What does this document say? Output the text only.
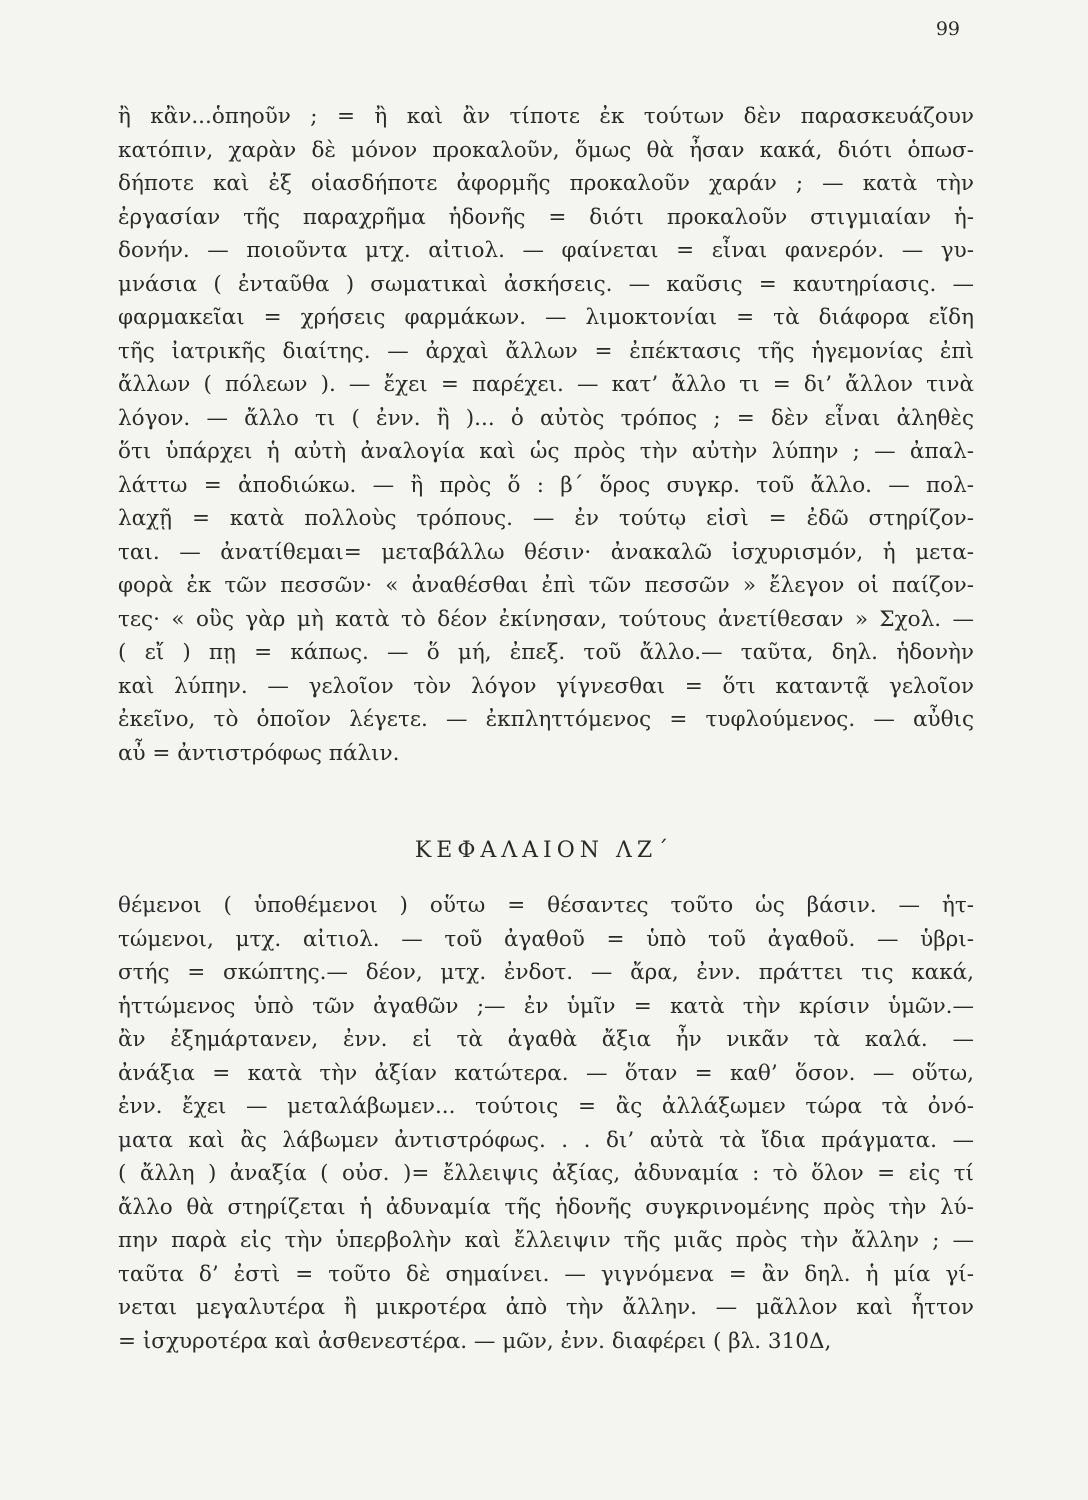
99
ἢ κἂν...ὁπηοῦν ; = ἢ καὶ ἂν τίποτε ἐκ τούτων δὲν παρασκευάζουν
κατόπιν, χαρὰν δὲ μόνον προκαλοῦν, ὅμως θὰ ἦσαν κακά, διότι ὁπωσ-
δήποτε καὶ ἐξ οἱασδήποτε ἀφορμῆς προκαλοῦν χαράν ; — κατὰ τὴν
ἐργασίαν τῆς παραχρῆμα ἡδονῆς = διότι προκαλοῦν στιγμιαίαν ἡ-
δονήν. — ποιοῦντα μτχ. αἰτιολ. — φαίνεται = εἶναι φανερόν. — γυ-
μνάσια ( ἐνταῦθα ) σωματικαὶ ἀσκήσεις. — καῦσις = καυτηρίασις. —
φαρμακεῖαι = χρήσεις φαρμάκων. — λιμοκτονίαι = τὰ διάφορα εἴδη
τῆς ἰατρικῆς διαίτης. — ἀρχαὶ ἄλλων = ἐπέκτασις τῆς ἡγεμονίας ἐπὶ
ἄλλων ( πόλεων ). — ἔχει = παρέχει. — κατ’ ἄλλο τι = δι’ ἄλλον τινὰ
λόγον. — ἄλλο τι ( ἐνν. ἢ )... ὁ αὐτὸς τρόπος ; = δὲν εἶναι ἀληθὲς
ὅτι ὑπάρχει ἡ αὐτὴ ἀναλογία καὶ ὡς πρὸς τὴν αὐτὴν λύπην ; — ἀπαλ-
λάττω = ἀποδιώκω. — ἢ πρὸς ὅ : β΄ ὅρος συγκρ. τοῦ ἄλλο. — πολ-
λαχῇ = κατὰ πολλοὺς τρόπους. — ἐν τούτῳ εἰσὶ = ἐδῶ στηρίζον-
ται. — ἀνατίθεμαι= μεταβάλλω θέσιν· ἀνακαλῶ ἰσχυρισμόν, ἡ μετα-
φορὰ ἐκ τῶν πεσσῶν· « ἀναθέσθαι ἐπὶ τῶν πεσσῶν » ἔλεγον οἱ παίζον-
τες· « οὓς γὰρ μὴ κατὰ τὸ δέον ἐκίνησαν, τούτους ἀνετίθεσαν » Σχολ. —
( εἴ ) πῃ = κάπως. — ὅ μή, ἐπεξ. τοῦ ἄλλο.— ταῦτα, δηλ. ἡδονὴν
καὶ λύπην. — γελοῖον τὸν λόγον γίγνεσθαι = ὅτι καταντᾷ γελοῖον
ἐκεῖνο, τὸ ὁποῖον λέγετε. — ἐκπληττόμενος = τυφλούμενος. — αὖθις
αὖ = ἀντιστρόφως πάλιν.
ΚΕΦΑΛΑΙΟΝ ΛΖ΄
θέμενοι ( ὑποθέμενοι ) οὕτω = θέσαντες τοῦτο ὡς βάσιν. — ἡτ-
τώμενοι, μτχ. αἰτιολ. — τοῦ ἀγαθοῦ = ὑπὸ τοῦ ἀγαθοῦ. — ὑβρι-
στής = σκώπτης.— δέον, μτχ. ἐνδοτ. — ἄρα, ἐνν. πράττει τις κακά,
ἡττώμενος ὑπὸ τῶν ἀγαθῶν ;— ἐν ὑμῖν = κατὰ τὴν κρίσιν ὑμῶν.—
ἂν ἐξημάρτανεν, ἐνν. εἰ τὰ ἀγαθὰ ἄξια ἦν νικᾶν τὰ καλά. —
ἀνάξια = κατὰ τὴν ἀξίαν κατώτερα. — ὅταν = καθ’ ὅσον. — οὕτω,
ἐνν. ἔχει — μεταλάβωμεν... τούτοις = ἂς ἀλλάξωμεν τώρα τὰ ὀνό-
ματα καὶ ἂς λάβωμεν ἀντιστρόφως. . . δι’ αὐτὰ τὰ ἴδια πράγματα. —
( ἄλλη ) ἀναξία ( οὐσ. )= ἔλλειψις ἀξίας, ἀδυναμία : τὸ ὅλον = εἰς τί
ἄλλο θὰ στηρίζεται ἡ ἀδυναμία τῆς ἡδονῆς συγκρινομένης πρὸς τὴν λύ-
πην παρὰ εἰς τὴν ὑπερβολὴν καὶ ἔλλειψιν τῆς μιᾶς πρὸς τὴν ἄλλην ; —
ταῦτα δ’ ἐστὶ = τοῦτο δὲ σημαίνει. — γιγνόμενα = ἂν δηλ. ἡ μία γί-
νεται μεγαλυτέρα ἢ μικροτέρα ἀπὸ τὴν ἄλλην. — μᾶλλον καὶ ἧττον
= ἰσχυροτέρα καὶ ἀσθενεστέρα. — μῶν, ἐνν. διαφέρει ( βλ. 310Δ,
